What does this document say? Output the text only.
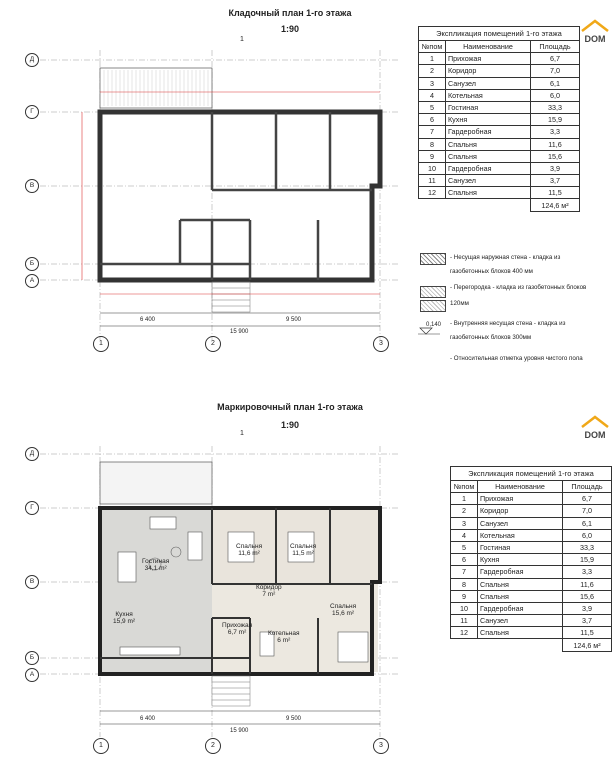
Кладочный план 1-го этажа
1:90
1	2	3
Д
Г
В
Б
А
6 400	9 500
15 900
1	DOM
Экспликация помещений 1-го этажа		
№пом	Наименование	Площадь
1	Прихожая	6,7
2	Коридор	7,0
3	Санузел	6,1
4	Котельная	6,0
5	Гостиная	33,3
6	Кухня	15,9
7	Гардеробная	3,3
8	Спальня	11,6
9	Спальня	15,6
10	Гардеробная	3,9
11	Санузел	3,7
12	Спальня	11,5
		124,6 м²
- Несущая наружная стена - кладка из
газобетонных блоков 400 мм
- Перегородка - кладка из газобетонных блоков
120мм
0,140 - Внутренняя несущая стена - кладка из
газобетонных блоков 300мм
- Относительная отметка уровня чистого пола
Маркировочный план 1-го этажа
1:90
1
Гостиная
34,1 m²
Кухня
15,9 m²
Коридор
7 m²
Прихожая
6,7 m²	Котельная
6 m²
Спальня
11,6 m²
Спальня
11,5 m²
Спальня
15,6 m²
1	2	3
Д
Г
В
Б
А
6 400	9 500
15 900
DOM
Экспликация помещений 1-го этажа		
№пом	Наименование	Площадь
1	Прихожая	6,7
2	Коридор	7,0
3	Санузел	6,1
4	Котельная	6,0
5	Гостиная	33,3
6	Кухня	15,9
7	Гардеробная	3,3
8	Спальня	11,6
9	Спальня	15,6
10	Гардеробная	3,9
11	Санузел	3,7
12	Спальня	11,5
		124,6 м²
